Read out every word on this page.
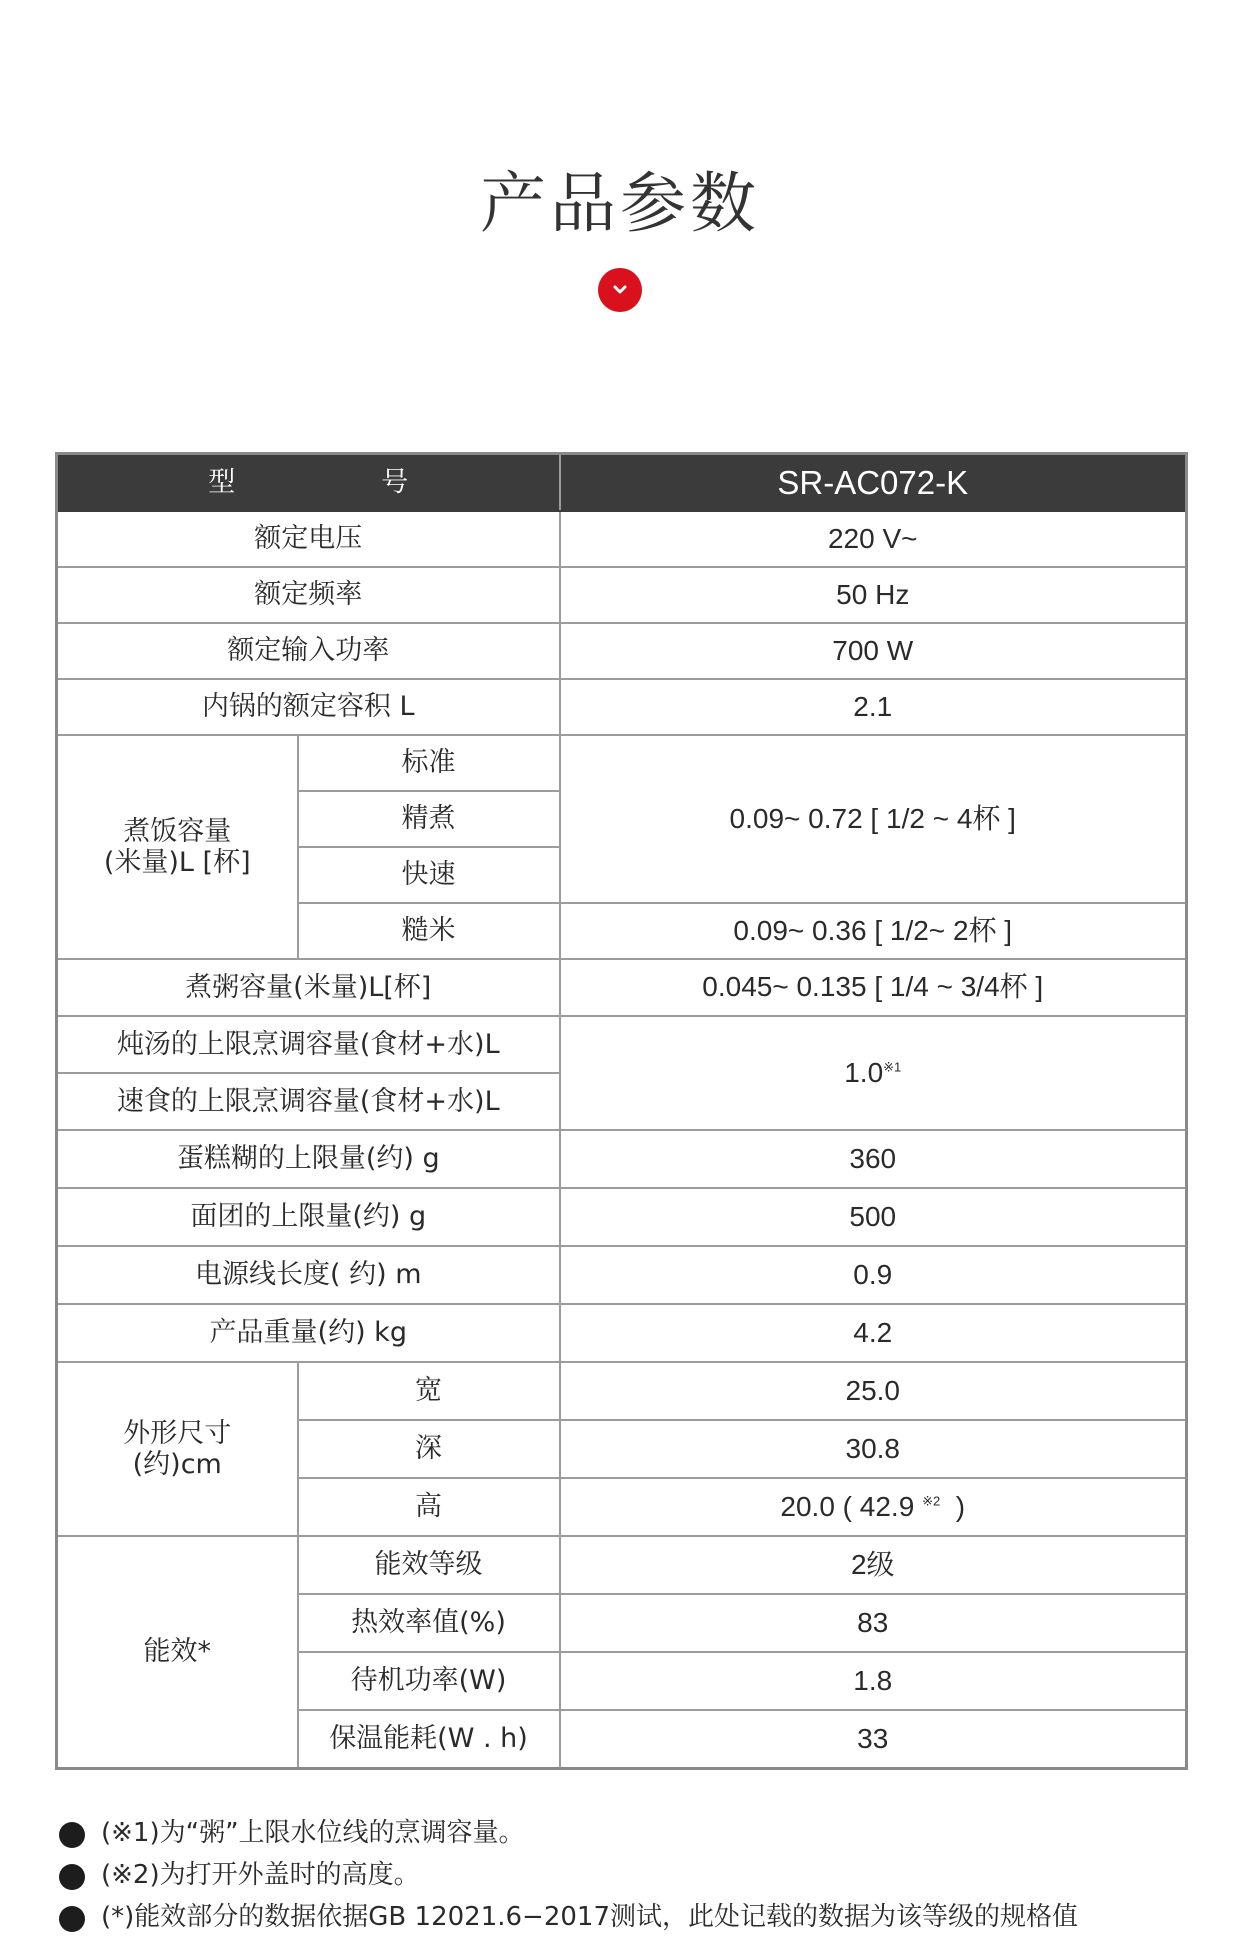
产品参数
型 号		SR-AC072-K
额定电压		220 V~
额定频率		50 Hz
额定输入功率		700 W
内锅的额定容积 L		2.1

煮饭容量
(米量)L [杯]	标准	0.09~ 0.72 [ 1/2 ~ 4杯 ]
	精煮	
	快速	
	糙米	0.09~ 0.36 [ 1/2~ 2杯 ]
煮粥容量(米量)L[杯]		0.045~ 0.135 [ 1/4 ~ 3/4杯 ]
炖汤的上限烹调容量(食材+水)L		1.0$^{※1}$
速食的上限烹调容量(食材+水)L		
蛋糕糊的上限量(约) g		360
面团的上限量(约) g		500
电源线长度( 约) m		0.9
产品重量(约) kg		4.2

外形尺寸
(约)cm	宽	25.0
	深	30.8
	高	20.0 ( 42.9 $^{※2}$ )
能效*	能效等级	2级
	热效率值(%)	83
	待机功率(W)	1.8
	保温能耗(W . h)	33
(※1)为“粥”上限水位线的烹调容量。
(※2)为打开外盖时的高度。
(*)能效部分的数据依据GB 12021.6−2017测试，此处记载的数据为该等级的规格值
